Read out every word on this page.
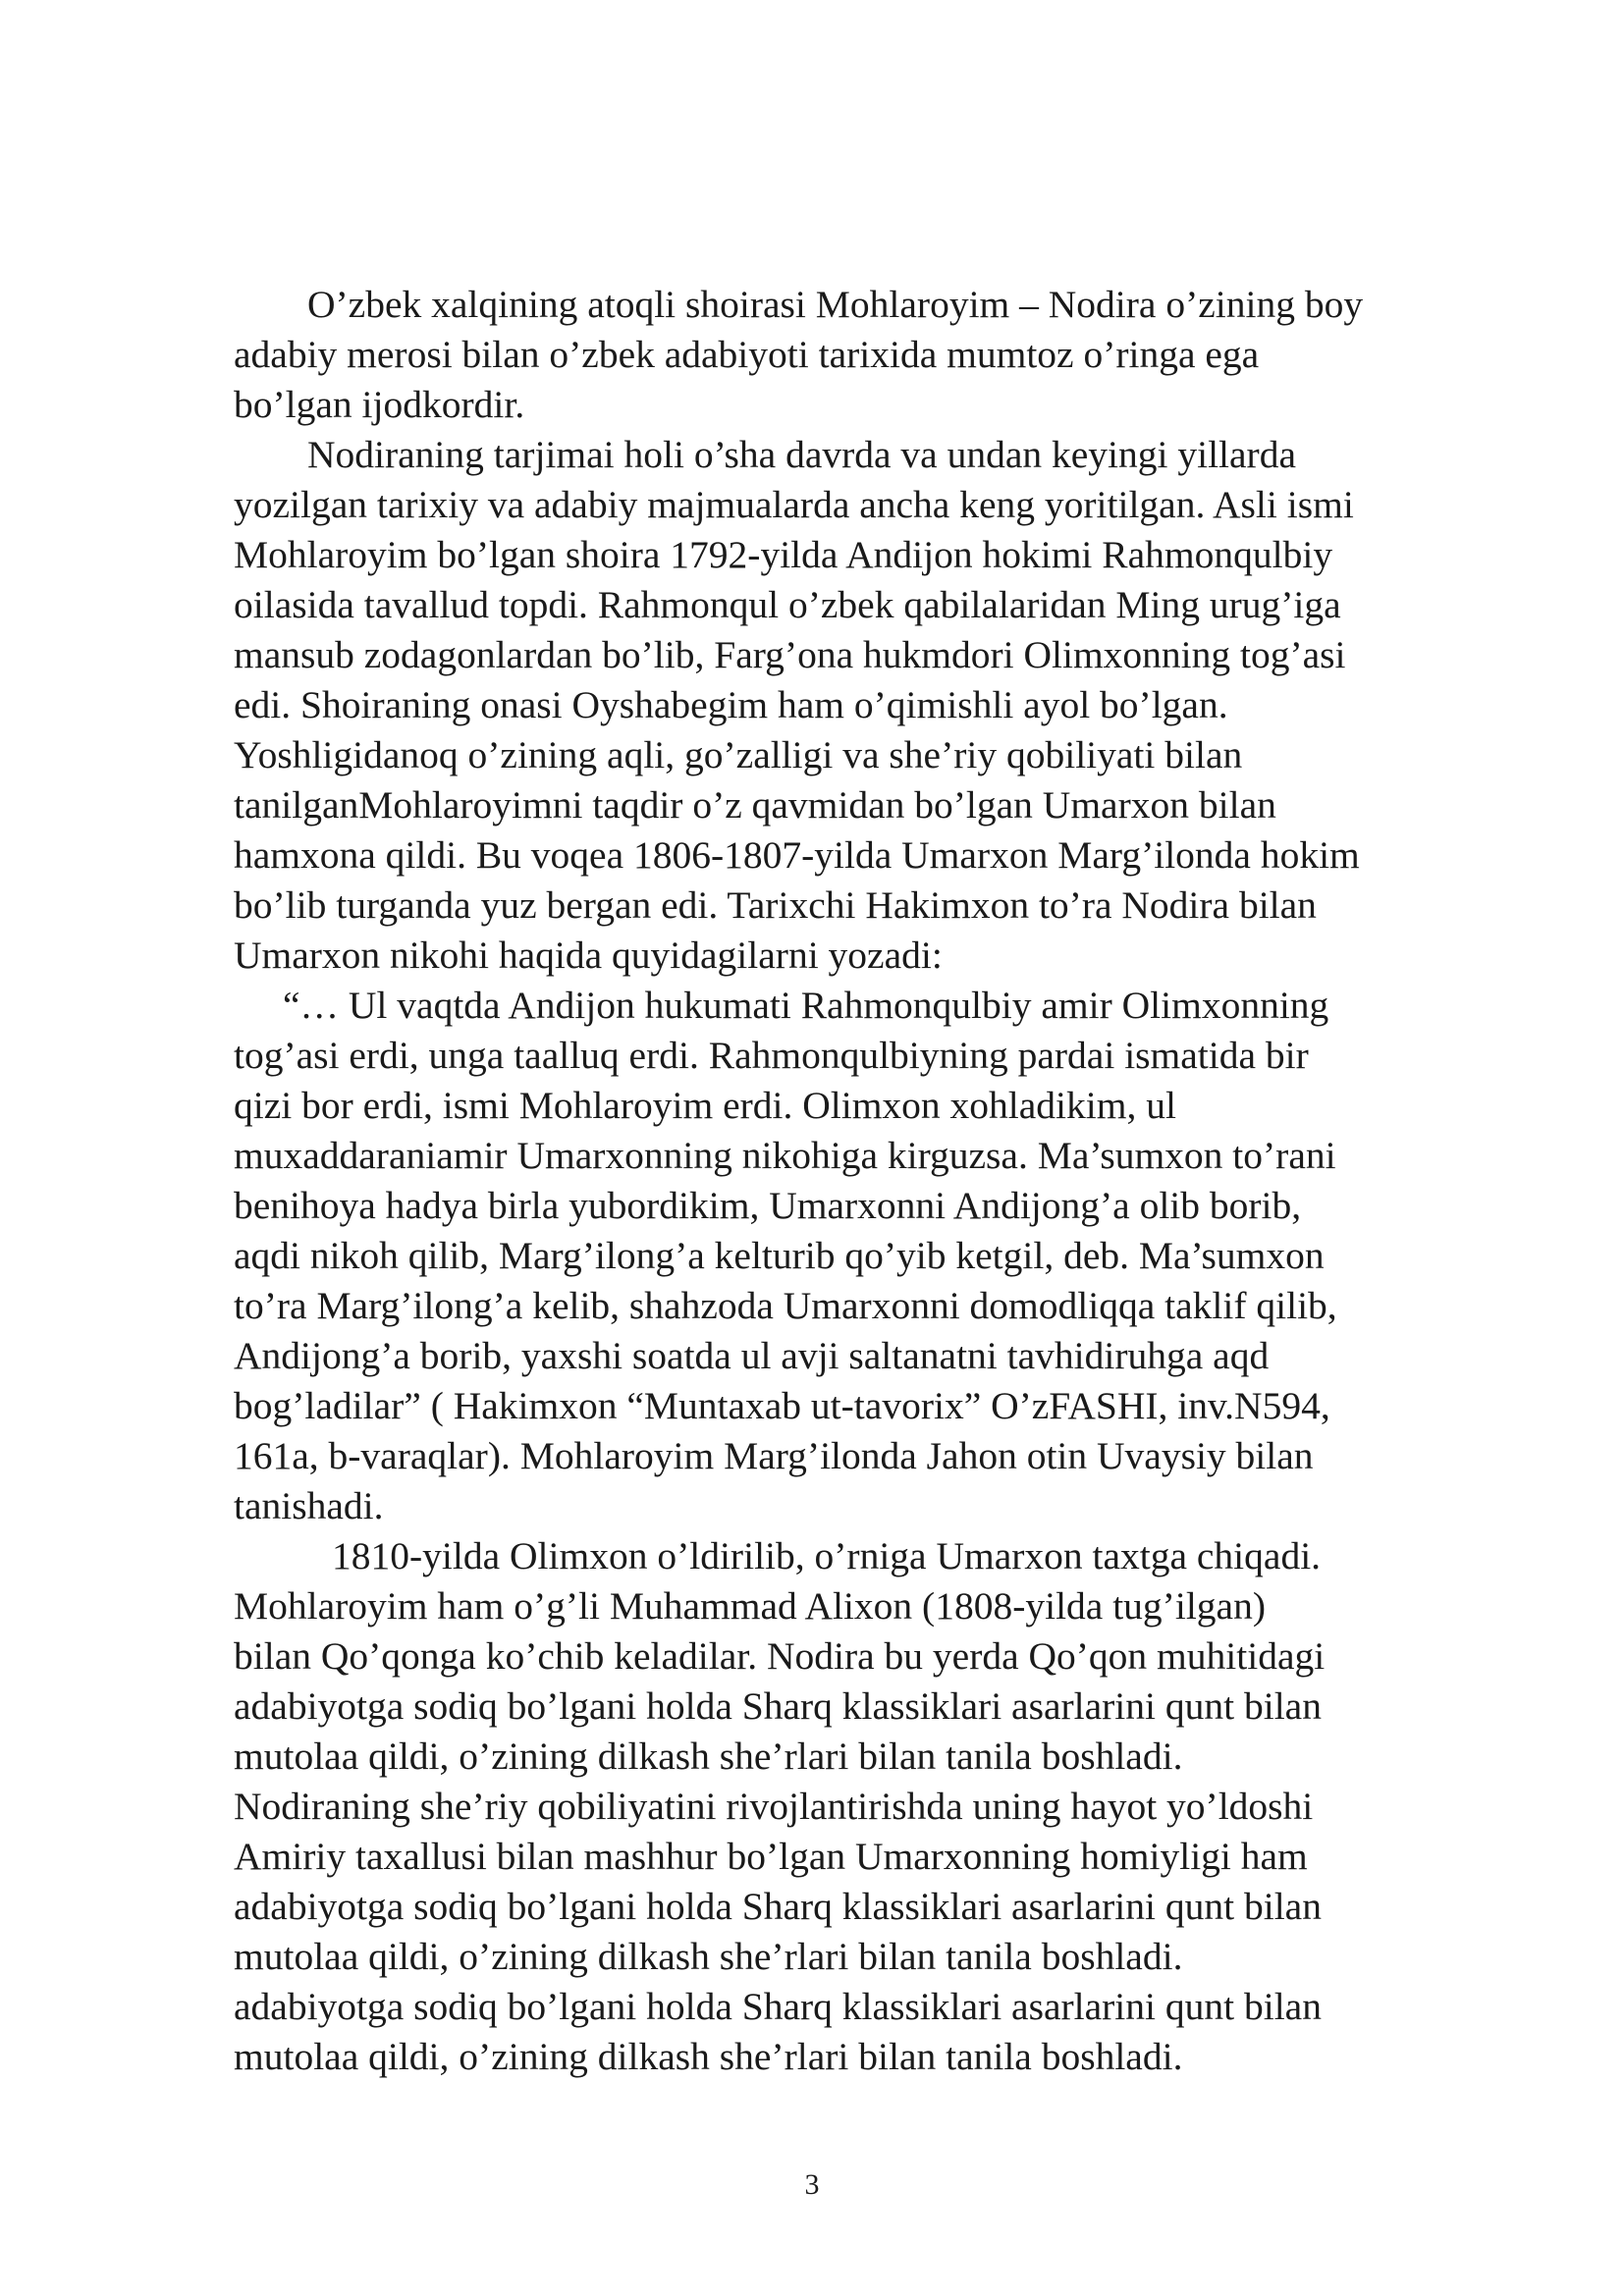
O’zbek xalqining atoqli shoirasi Mohlaroyim – Nodira o’zining boy
adabiy merosi bilan o’zbek adabiyoti tarixida mumtoz o’ringa ega
bo’lgan ijodkordir.
Nodiraning tarjimai holi o’sha davrda va undan keyingi yillarda
yozilgan tarixiy va adabiy majmualarda ancha keng yoritilgan. Asli ismi
Mohlaroyim bo’lgan shoira 1792-yilda Andijon hokimi Rahmonqulbiy
oilasida tavallud topdi. Rahmonqul o’zbek qabilalaridan Ming urug’iga
mansub zodagonlardan bo’lib, Farg’ona hukmdori Olimxonning tog’asi
edi. Shoiraning onasi Oyshabegim ham o’qimishli ayol bo’lgan.
Yoshligidanoq o’zining aqli, go’zalligi va she’riy qobiliyati bilan
tanilganMohlaroyimni taqdir o’z qavmidan bo’lgan Umarxon bilan
hamxona qildi. Bu voqea 1806-1807-yilda Umarxon Marg’ilonda hokim
bo’lib turganda yuz bergan edi. Tarixchi Hakimxon to’ra Nodira bilan
Umarxon nikohi haqida quyidagilarni yozadi:
“… Ul vaqtda Andijon hukumati Rahmonqulbiy amir Olimxonning
tog’asi erdi, unga taalluq erdi. Rahmonqulbiyning pardai ismatida bir
qizi bor erdi, ismi Mohlaroyim erdi. Olimxon xohladikim, ul
muxaddaraniamir Umarxonning nikohiga kirguzsa. Ma’sumxon to’rani
benihoya hadya birla yubordikim, Umarxonni Andijong’a olib borib,
aqdi nikoh qilib, Marg’ilong’a kelturib qo’yib ketgil, deb. Ma’sumxon
to’ra Marg’ilong’a kelib, shahzoda Umarxonni domodliqqa taklif qilib,
Andijong’a borib, yaxshi soatda ul avji saltanatni tavhidiruhga aqd
bog’ladilar” ( Hakimxon “Muntaxab ut-tavorix” O’zFASHI, inv.N594,
161a, b-varaqlar). Mohlaroyim Marg’ilonda Jahon otin Uvaysiy bilan
tanishadi.
1810-yilda Olimxon o’ldirilib, o’rniga Umarxon taxtga chiqadi.
Mohlaroyim ham o’g’li Muhammad Alixon (1808-yilda tug’ilgan)
bilan Qo’qonga ko’chib keladilar. Nodira bu yerda Qo’qon muhitidagi
adabiyotga sodiq bo’lgani holda Sharq klassiklari asarlarini qunt bilan
mutolaa qildi, o’zining dilkash she’rlari bilan tanila boshladi.
Nodiraning she’riy qobiliyatini rivojlantirishda uning hayot yo’ldoshi
Amiriy taxallusi bilan mashhur bo’lgan Umarxonning homiyligi ham
adabiyotga sodiq bo’lgani holda Sharq klassiklari asarlarini qunt bilan
mutolaa qildi, o’zining dilkash she’rlari bilan tanila boshladi.
adabiyotga sodiq bo’lgani holda Sharq klassiklari asarlarini qunt bilan
mutolaa qildi, o’zining dilkash she’rlari bilan tanila boshladi.
3
